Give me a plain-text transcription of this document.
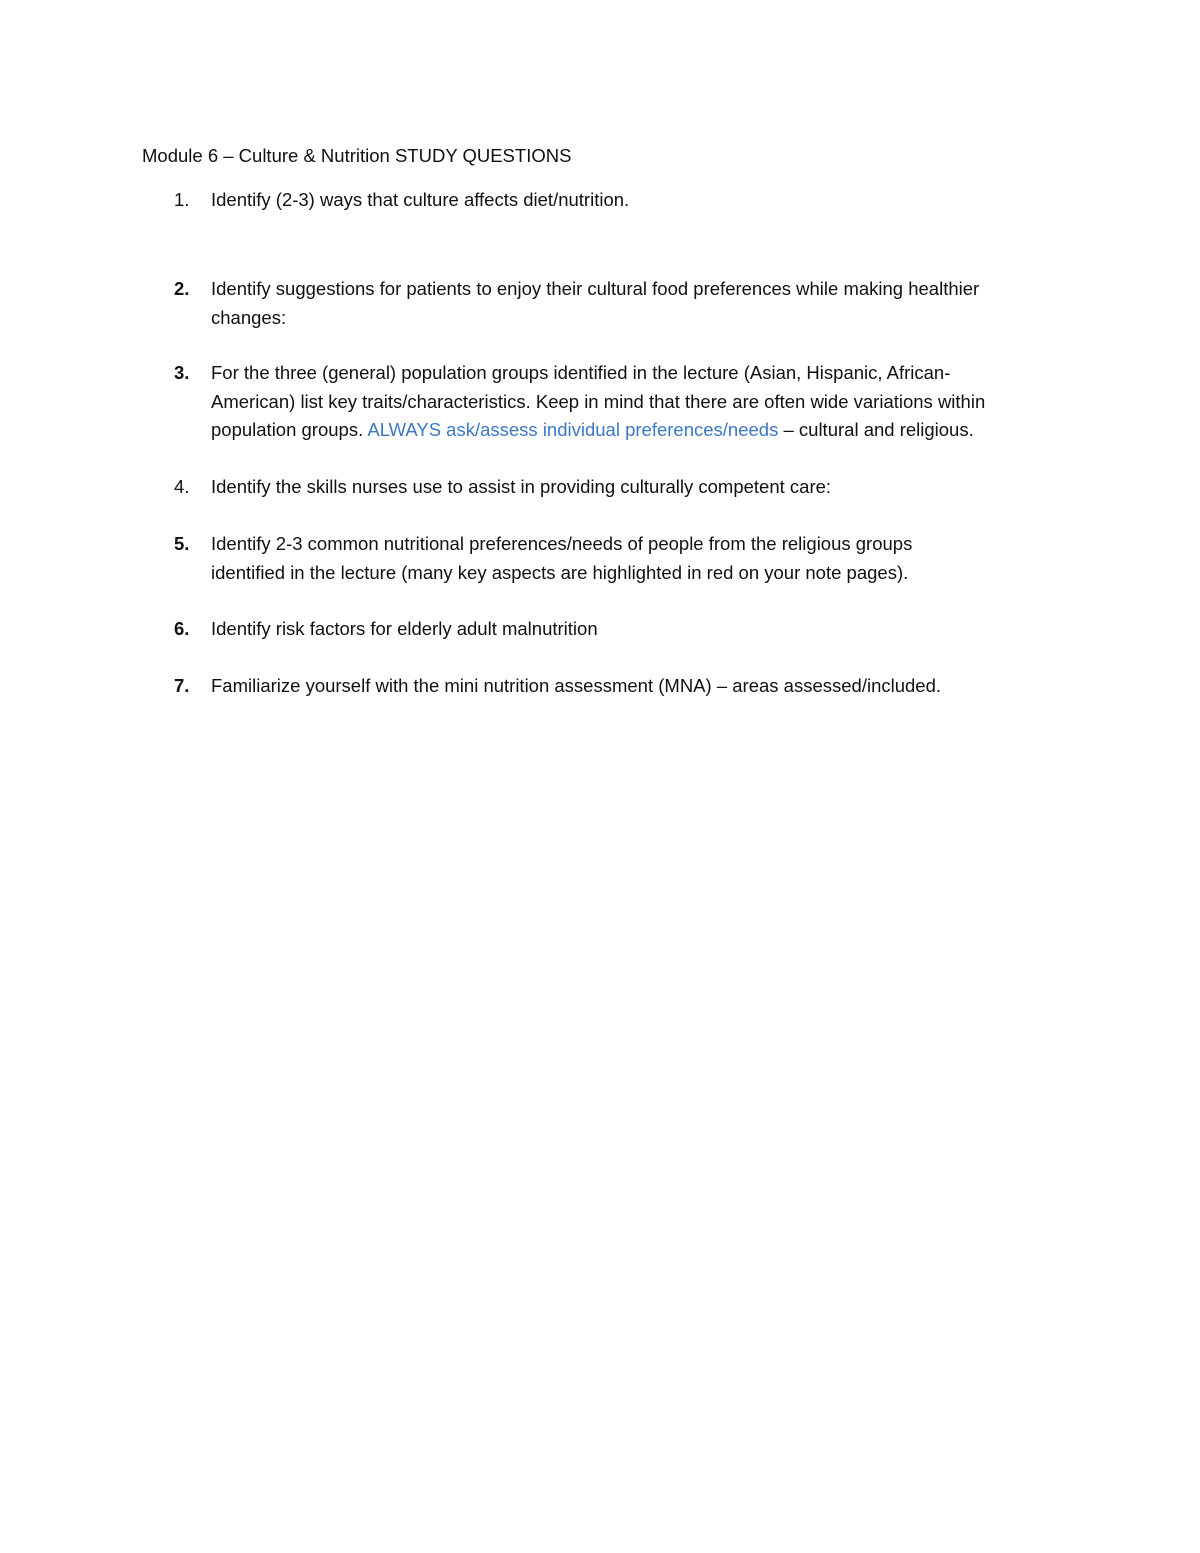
Module 6 – Culture & Nutrition STUDY QUESTIONS
1.	Identify (2-3) ways that culture affects diet/nutrition.
2.	Identify suggestions for patients to enjoy their cultural food preferences while making healthier
changes:
3.	For the three (general) population groups identified in the lecture (Asian, Hispanic, African-
American) list key traits/characteristics. Keep in mind that there are often wide variations within
population groups. ALWAYS ask/assess individual preferences/needs – cultural and religious.
4.	Identify the skills nurses use to assist in providing culturally competent care:
5.	Identify 2-3 common nutritional preferences/needs of people from the religious groups
identified in the lecture (many key aspects are highlighted in red on your note pages).
6.	Identify risk factors for elderly adult malnutrition
7.	Familiarize yourself with the mini nutrition assessment (MNA) – areas assessed/included.
